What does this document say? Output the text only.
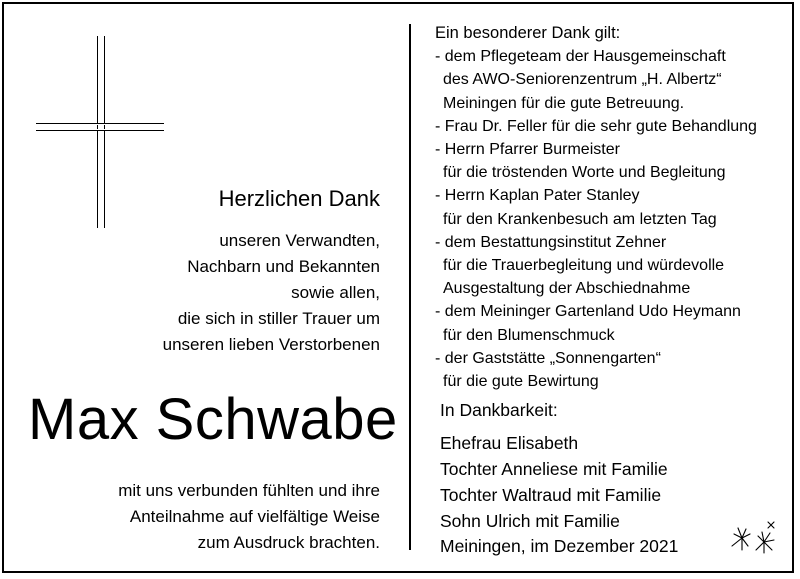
Herzlichen Dank
unseren Verwandten,
Nachbarn und Bekannten
sowie allen,
die sich in stiller Trauer um
unseren lieben Verstorbenen
Max Schwabe
mit uns verbunden fühlten und ihre
Anteilnahme auf vielfältige Weise
zum Ausdruck brachten.
Ein besonderer Dank gilt:
- dem Pflegeteam der Hausgemeinschaft
des AWO-Seniorenzentrum „H. Albertz“
Meiningen für die gute Betreuung.
- Frau Dr. Feller für die sehr gute Behandlung
- Herrn Pfarrer Burmeister
für die tröstenden Worte und Begleitung
- Herrn Kaplan Pater Stanley
für den Krankenbesuch am letzten Tag
- dem Bestattungsinstitut Zehner
für die Trauerbegleitung und würdevolle
Ausgestaltung der Abschiednahme
- dem Meininger Gartenland Udo Heymann
für den Blumenschmuck
- der Gaststätte „Sonnengarten“
für die gute Bewirtung
In Dankbarkeit:
Ehefrau Elisabeth
Tochter Anneliese mit Familie
Tochter Waltraud mit Familie
Sohn Ulrich mit Familie
Meiningen, im Dezember 2021
